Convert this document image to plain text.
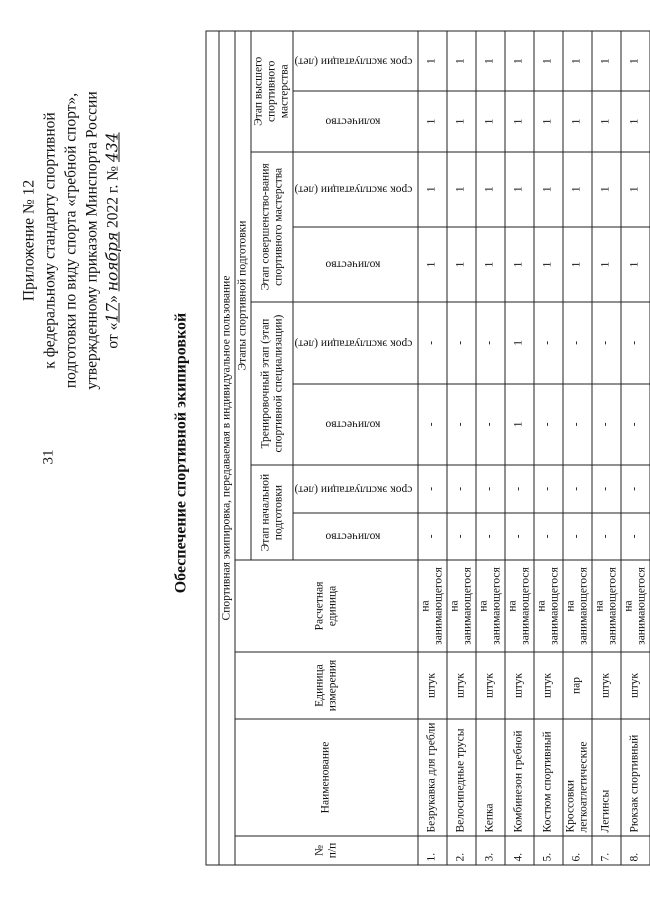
31
Приложение № 12 к федеральному стандарту спортивной подготовки по виду спорта «гребной спорт», утвержденному приказом Минспорта России от «17» ноября 2022 г. № 434
Обеспечение спортивной экипировкой	Спортивная экипировка, передаваемая в индивидуальное пользование											
№ п/п	Наименование	Единица измерения	Расчетная единица	Этапы спортивной подготовки							
				Этап начальной подготовки		Тренировочный этап (этап спортивной специализации)		Этап совершенство-вания спортивного мастерства		Этап высшего спортивного мастерства	
				количество	срок эксплуатации (лет)	количество	срок эксплуатации (лет)	количество	срок эксплуатации (лет)	количество	срок эксплуатации (лет)
1.	Безрукавка для гребли	штук	на занимающегося	-	-	-	-	1	1	1	1
2.	Велосипедные трусы	штук	на занимающегося	-	-	-	-	1	1	1	1
3.	Кепка	штук	на занимающегося	-	-	-	-	1	1	1	1
4.	Комбинезон гребной	штук	на занимающегося	-	-	1	1	1	1	1	1
5.	Костюм спортивный	штук	на занимающегося	-	-	-	-	1	1	1	1
6.	Кроссовки легкоатлетические	пар	на занимающегося	-	-	-	-	1	1	1	1
7.	Легинсы	штук	на занимающегося	-	-	-	-	1	1	1	1
8.	Рюкзак спортивный	штук	на занимающегося	-	-	-	-	1	1	1	1
